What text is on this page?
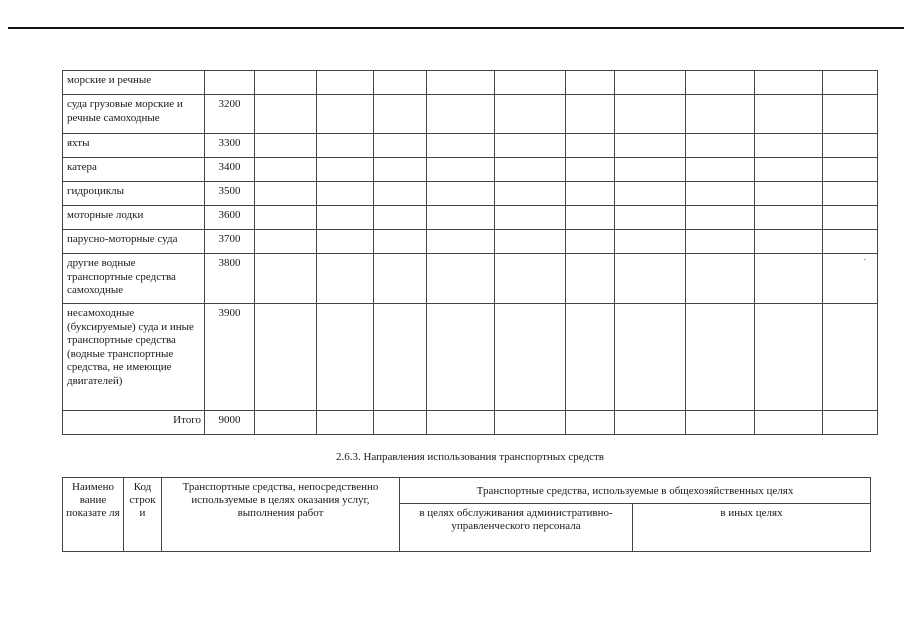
морские и речные											
суда грузовые морские и речные самоходные	3200										
яхты	3300										
катера	3400										
гидроциклы	3500										
моторные лодки	3600										
парусно-моторные суда	3700										
другие водные транспортные средства самоходные	3800										
несамоходные (буксируемые) суда и иные транспортные средства (водные транспортные средства, не имеющие двигателей)	3900										
Итого	9000										
2.6.3. Направления использования транспортных средств
Наимено вание показате ля	Код строк и	Транспортные средства, непосредственно используемые в целях оказания услуг, выполнения работ	Транспортные средства, используемые в общехозяйственных целях	
			в целях обслуживания административно-управленческого персонала	в иных целях
ˏ
